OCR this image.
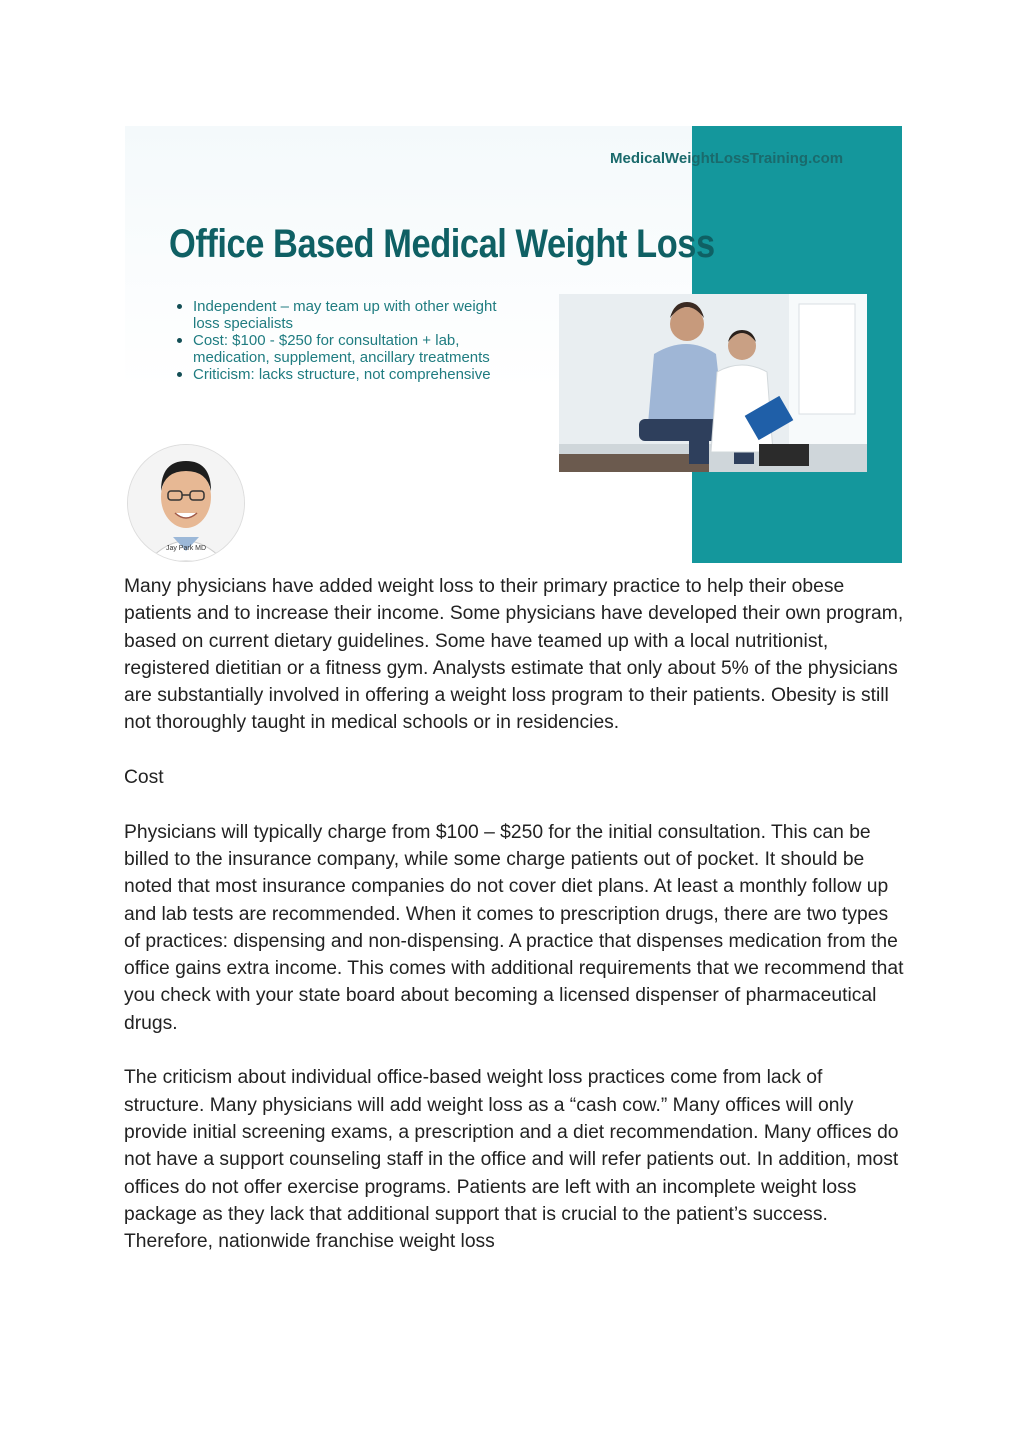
MedicalWeightLossTraining.com
Office Based Medical Weight Loss
Independent – may team up with other weight loss specialists
Cost: $100 - $250 for consultation + lab, medication, supplement, ancillary treatments
Criticism: lacks structure, not comprehensive
Jay Park MD

Many physicians have added weight loss to their primary practice to help their obese patients and to increase their income. Some physicians have developed their own program, based on current dietary guidelines. Some have teamed up with a local nutritionist, registered dietitian or a fitness gym. Analysts estimate that only about 5% of the physicians are substantially involved in offering a weight loss program to their patients. Obesity is still not thoroughly taught in medical schools or in residencies.

Cost

Physicians will typically charge from $100 – $250 for the initial consultation. This can be billed to the insurance company, while some charge patients out of pocket. It should be noted that most insurance companies do not cover diet plans. At least a monthly follow up and lab tests are recommended. When it comes to prescription drugs, there are two types of practices: dispensing and non-dispensing. A practice that dispenses medication from the office gains extra income. This comes with additional requirements that we recommend that you check with your state board about becoming a licensed dispenser of pharmaceutical drugs.

The criticism about individual office-based weight loss practices come from lack of structure. Many physicians will add weight loss as a “cash cow.” Many offices will only provide initial screening exams, a prescription and a diet recommendation. Many offices do not have a support counseling staff in the office and will refer patients out. In addition, most offices do not offer exercise programs. Patients are left with an incomplete weight loss package as they lack that additional support that is crucial to the patient’s success. Therefore, nationwide franchise weight loss
